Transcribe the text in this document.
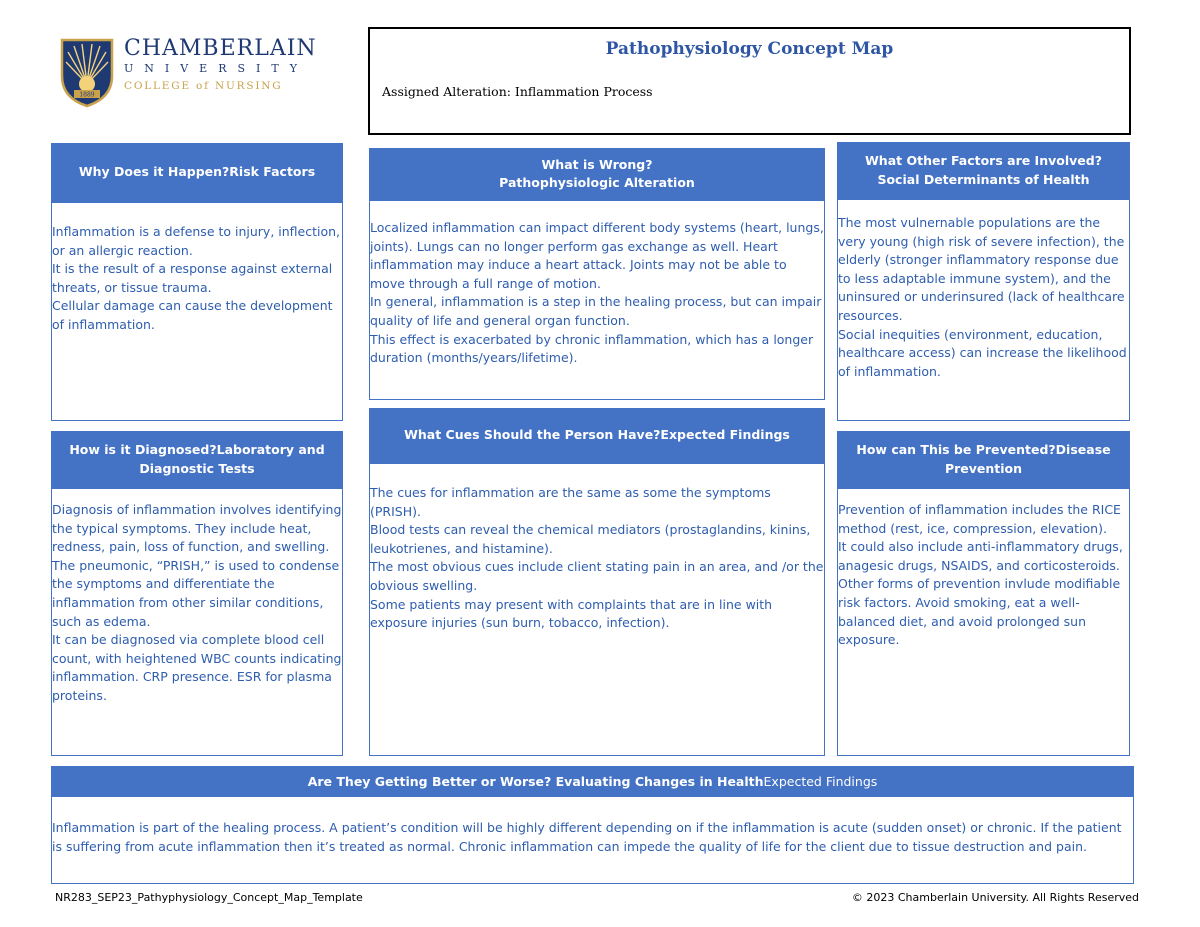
1889
CHAMBERLAIN
UNIVERSITY
COLLEGE of NURSING
Pathophysiology Concept Map
Assigned Alteration: Inflammation Process
Why Does it Happen?Risk Factors

Inflammation is a defense to injury, inflection, or an allergic reaction.

It is the result of a response against external threats, or tissue trauma.

Cellular damage can cause the development of inflammation.

What is Wrong?
Pathophysiologic Alteration

Localized inflammation can impact different body systems (heart, lungs, joints). Lungs can no longer perform gas exchange as well. Heart inflammation may induce a heart attack. Joints may not be able to move through a full range of motion.

In general, inflammation is a step in the healing process, but can impair quality of life and general organ function.

This effect is exacerbated by chronic inflammation, which has a longer duration (months/years/lifetime).

What Other Factors are Involved?Social Determinants of Health

The most vulnernable populations are the very young (high risk of severe infection), the elderly (stronger inflammatory response due to less adaptable immune system), and the uninsured or underinsured (lack of healthcare resources.

Social inequities (environment, education, healthcare access) can increase the likelihood of inflammation.

How is it Diagnosed?Laboratory and Diagnostic Tests

Diagnosis of inflammation involves identifying the typical symptoms. They include heat, redness, pain, loss of function, and swelling. The pneumonic, “PRISH,” is used to condense the symptoms and differentiate the inflammation from other similar conditions, such as edema.

It can be diagnosed via complete blood cell count, with heightened WBC counts indicating inflammation. CRP presence. ESR for plasma proteins.

What Cues Should the Person Have?Expected Findings

The cues for inflammation are the same as some the symptoms (PRISH).

Blood tests can reveal the chemical mediators (prostaglandins, kinins, leukotrienes, and histamine).

The most obvious cues include client stating pain in an area, and /or the obvious swelling.

Some patients may present with complaints that are in line with exposure injuries (sun burn, tobacco, infection).

How can This be Prevented?Disease Prevention

Prevention of inflammation includes the RICE method (rest, ice, compression, elevation).

It could also include anti-inflammatory drugs, anagesic drugs, NSAIDS, and corticosteroids.

Other forms of prevention invlude modifiable risk factors. Avoid smoking, eat a well-balanced diet, and avoid prolonged sun exposure.

Are They Getting Better or Worse? Evaluating Changes in HealthExpected Findings

Inflammation is part of the healing process. A patient’s condition will be highly different depending on if the inflammation is acute (sudden onset) or chronic. If the patient is suffering from acute inflammation then it’s treated as normal. Chronic inflammation can impede the quality of life for the client due to tissue destruction and pain.

NR283_SEP23_Pathyphysiology_Concept_Map_Template	© 2023 Chamberlain University. All Rights Reserved
